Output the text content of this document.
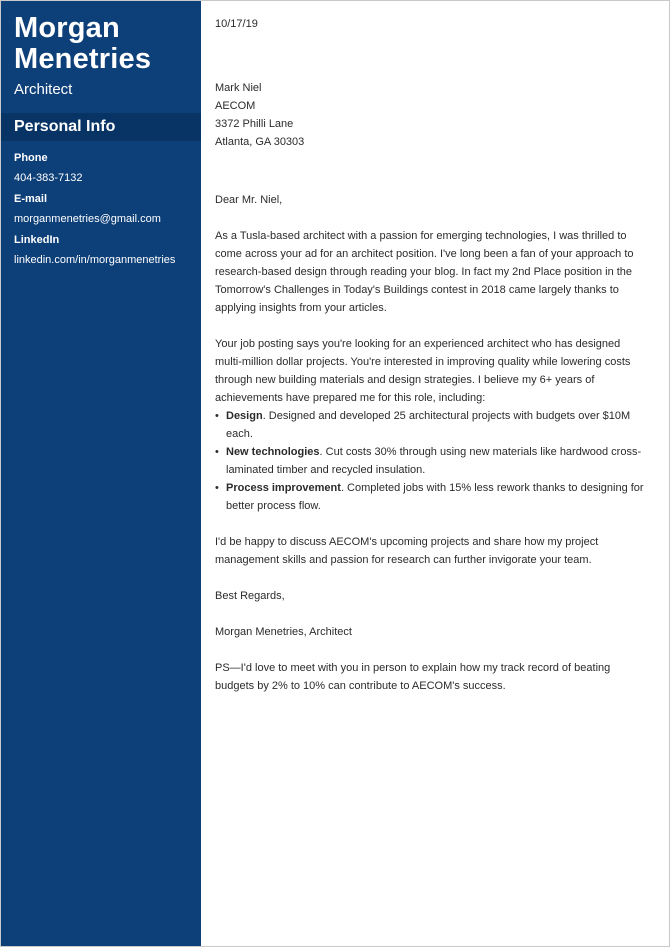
Morgan
Menetries
Architect
Personal Info
Phone
404-383-7132
E-mail
morganmenetries@gmail.com
LinkedIn
linkedin.com/in/morganmenetries

10/17/19

Mark Niel

AECOM

3372 Philli Lane

Atlanta, GA 30303

Dear Mr. Niel,

As a Tusla-based architect with a passion for emerging technologies, I was thrilled to come across your ad for an architect position. I've long been a fan of your approach to research-based design through reading your blog. In fact my 2nd Place position in the Tomorrow's Challenges in Today's Buildings contest in 2018 came largely thanks to applying insights from your articles.

Your job posting says you're looking for an experienced architect who has designed multi-million dollar projects. You're interested in improving quality while lowering costs through new building materials and design strategies. I believe my 6+ years of achievements have prepared me for this role, including:

• Design. Designed and developed 25 architectural projects with budgets over $10M each.
• New technologies. Cut costs 30% through using new materials like hardwood cross-laminated timber and recycled insulation.
• Process improvement. Completed jobs with 15% less rework thanks to designing for better process flow.

I'd be happy to discuss AECOM's upcoming projects and share how my project management skills and passion for research can further invigorate your team.

Best Regards,

Morgan Menetries, Architect

PS—I'd love to meet with you in person to explain how my track record of beating budgets by 2% to 10% can contribute to AECOM's success.
